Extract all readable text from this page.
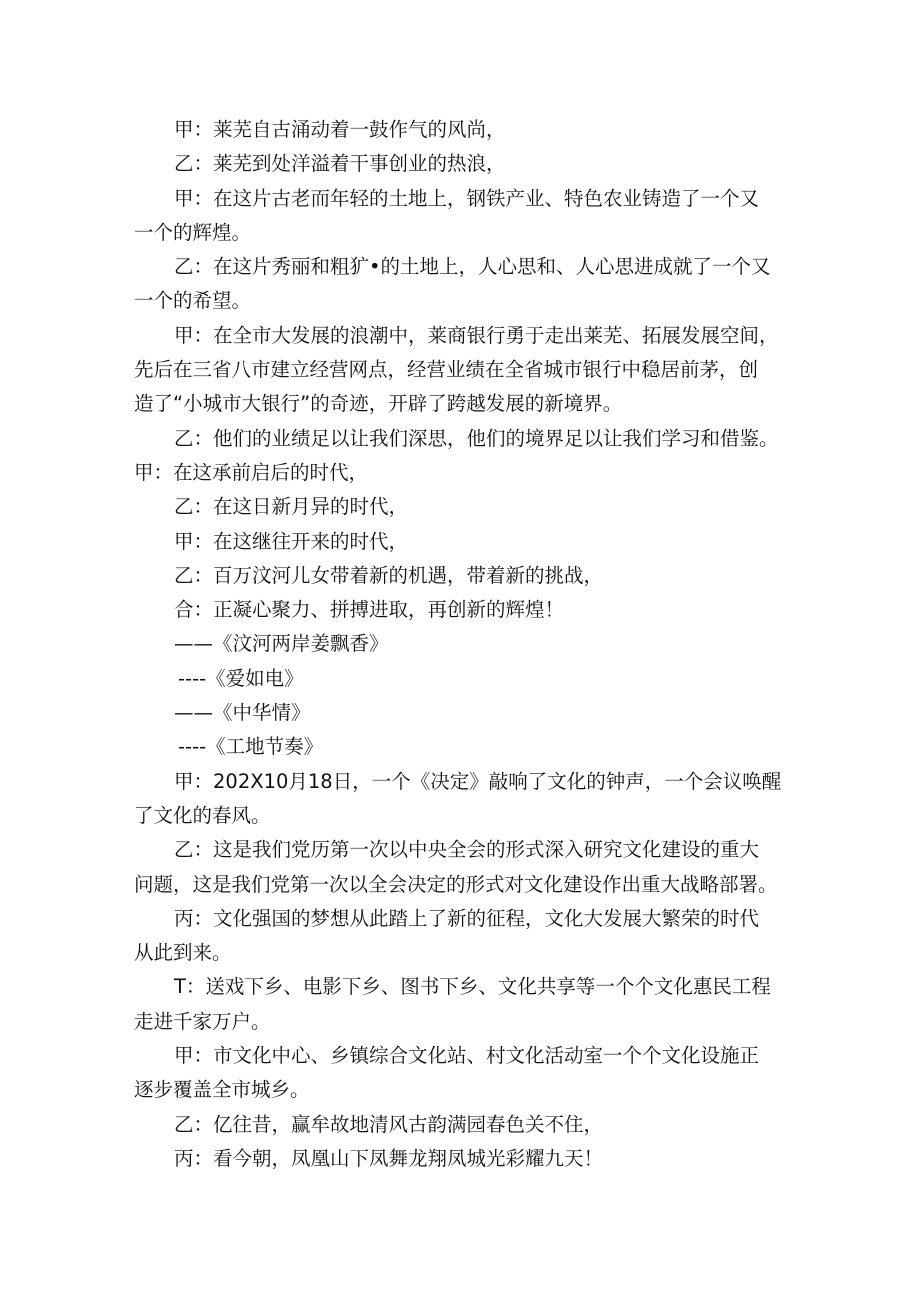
甲：莱芜自古涌动着一鼓作气的风尚，
乙：莱芜到处洋溢着干事创业的热浪，
甲：在这片古老而年轻的土地上，钢铁产业、特色农业铸造了一个又
一个的辉煌。
乙：在这片秀丽和粗犷•的土地上，人心思和、人心思进成就了一个又
一个的希望。
甲：在全市大发展的浪潮中，莱商银行勇于走出莱芜、拓展发展空间，
先后在三省八市建立经营网点，经营业绩在全省城市银行中稳居前茅，创
造了“小城市大银行”的奇迹，开辟了跨越发展的新境界。
乙：他们的业绩足以让我们深思，他们的境界足以让我们学习和借鉴。
甲：在这承前启后的时代，
乙：在这日新月异的时代，
甲：在这继往开来的时代，
乙：百万汶河儿女带着新的机遇，带着新的挑战，
合：正凝心聚力、拼搏进取，再创新的辉煌！
——《汶河两岸姜飘香》
----《爱如电》
——《中华情》
----《工地节奏》
甲：202X10月18日，一个《决定》敲响了文化的钟声，一个会议唤醒
了文化的春风。
乙：这是我们党历第一次以中央全会的形式深入研究文化建设的重大
问题，这是我们党第一次以全会决定的形式对文化建设作出重大战略部署。
丙：文化强国的梦想从此踏上了新的征程，文化大发展大繁荣的时代
从此到来。
T：送戏下乡、电影下乡、图书下乡、文化共享等一个个文化惠民工程
走进千家万户。
甲：市文化中心、乡镇综合文化站、村文化活动室一个个文化设施正
逐步覆盖全市城乡。
乙：亿往昔，赢牟故地清风古韵满园春色关不住，
丙：看今朝，凤凰山下凤舞龙翔凤城光彩耀九天！
